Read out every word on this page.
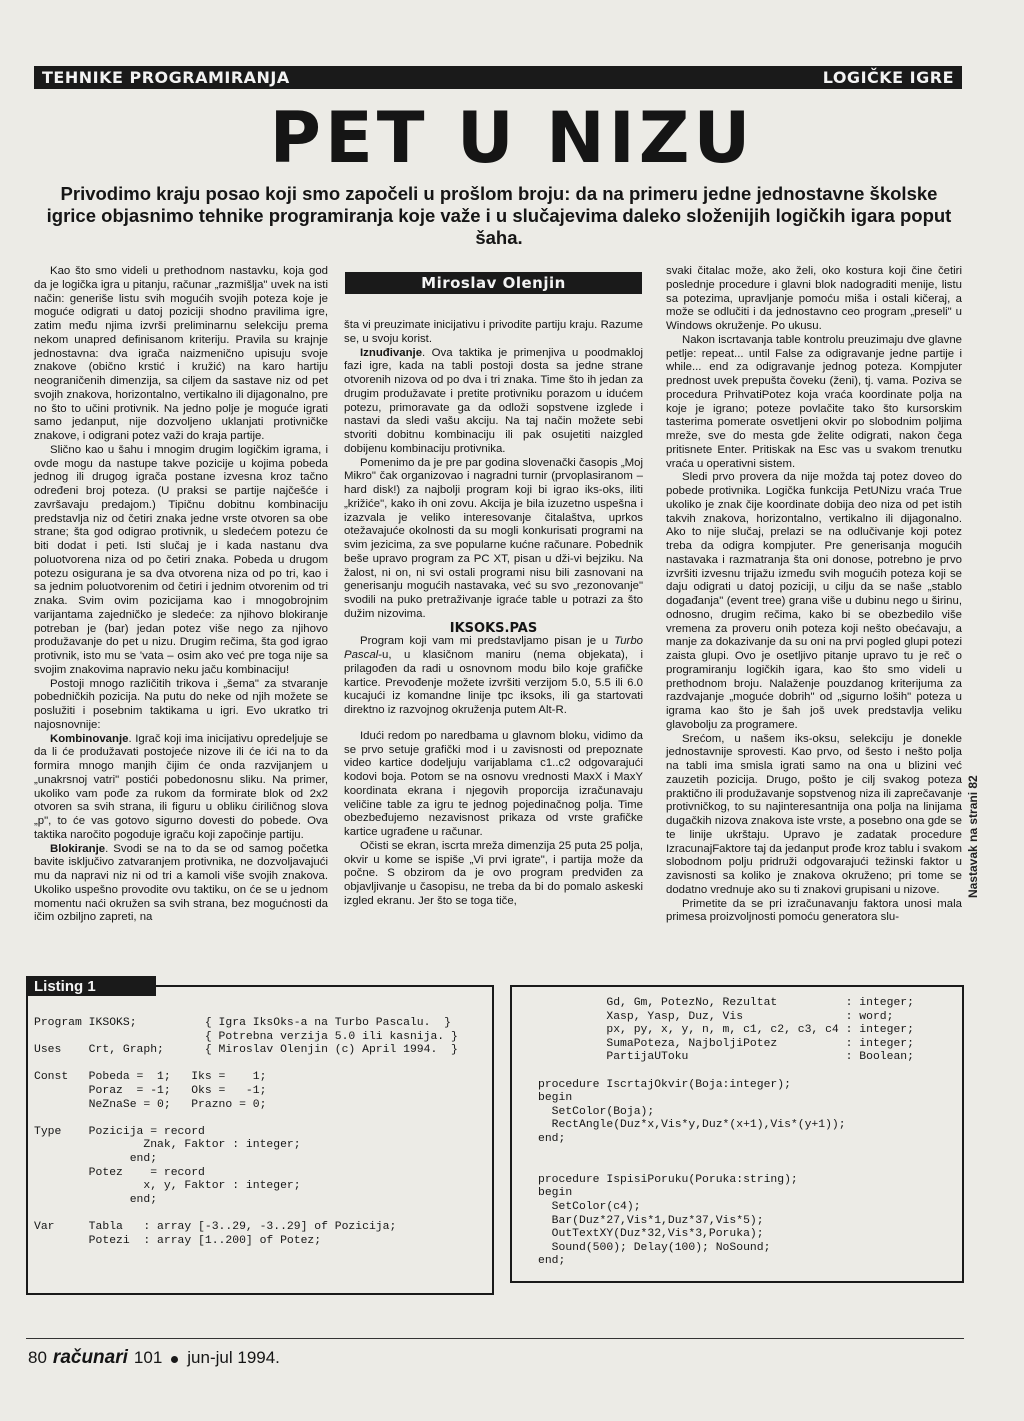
TEHNIKE PROGRAMIRANJA	LOGIČKE IGRE
PET U NIZU
Privodimo kraju posao koji smo započeli u prošlom broju: da na primeru jedne jednostavne školske igrice objasnimo tehnike programiranja koje važe i u slučajevima daleko složenijih logičkih igara poput šaha.

Kao što smo videli u prethodnom nastavku, koja god da je logička igra u pitanju, računar „razmišlja" uvek na isti način: generiše listu svih mogućih svojih poteza koje je moguće odigrati u datoj poziciji shodno pravilima igre, zatim među njima izvrši preliminarnu selekciju prema nekom unapred definisanom kriteriju. Pravila su krajnje jednostavna: dva igrača naizmenično upisuju svoje znakove (obično krstić i kružić) na karo hartiju neograničenih dimenzija, sa ciljem da sastave niz od pet svojih znakova, horizontalno, vertikalno ili dijagonalno, pre no što to učini protivnik. Na jedno polje je moguće igrati samo jedanput, nije dozvoljeno uklanjati protivničke znakove, i odigrani potez važi do kraja partije.

Slično kao u šahu i mnogim drugim logičkim igrama, i ovde mogu da nastupe takve pozicije u kojima pobeda jednog ili drugog igrača postane izvesna kroz tačno određeni broj poteza. (U praksi se partije najčešće i završavaju predajom.) Tipičnu dobitnu kombinaciju predstavlja niz od četiri znaka jedne vrste otvoren sa obe strane; šta god odigrao protivnik, u sledećem potezu će biti dodat i peti. Isti slučaj je i kada nastanu dva poluotvorena niza od po četiri znaka. Pobeda u drugom potezu osigurana je sa dva otvorena niza od po tri, kao i sa jednim poluotvorenim od četiri i jednim otvorenim od tri znaka. Svim ovim pozicijama kao i mnogobrojnim varijantama zajedničko je sledeće: za njihovo blokiranje potreban je (bar) jedan potez više nego za njihovo produžavanje do pet u nizu. Drugim rečima, šta god igrao protivnik, isto mu se 'vata – osim ako već pre toga nije sa svojim znakovima napravio neku jaču kombinaciju!

Postoji mnogo različitih trikova i „šema" za stvaranje pobedničkih pozicija. Na putu do neke od njih možete se poslužiti i posebnim taktikama u igri. Evo ukratko tri najosnovnije:

Kombinovanje. Igrač koji ima inicijativu opredeljuje se da li će produžavati postojeće nizove ili će ići na to da formira mnogo manjih čijim će onda razvijanjem u „unakrsnoj vatri" postići pobedonosnu sliku. Na primer, ukoliko vam pođe za rukom da formirate blok od 2x2 otvoren sa svih strana, ili figuru u obliku ćiriličnog slova „p", to će vas gotovo sigurno dovesti do pobede. Ova taktika naročito pogoduje igraču koji započinje partiju.

Blokiranje. Svodi se na to da se od samog početka bavite isključivo zatvaranjem protivnika, ne dozvoljavajući mu da napravi niz ni od tri a kamoli više svojih znakova. Ukoliko uspešno provodite ovu taktiku, on će se u jednom momentu naći okružen sa svih strana, bez mogućnosti da ičim ozbiljno zapreti, na

Miroslav Olenjin

šta vi preuzimate inicijativu i privodite partiju kraju. Razume se, u svoju korist.

Iznuđivanje. Ova taktika je primenjiva u poodmaklој fazi igre, kada na tabli postoji dosta sa jedne strane otvorenih nizova od po dva i tri znaka. Time što ih jedan za drugim produžavate i pretite protivniku porazom u idućem potezu, primoravate ga da odloži sopstvene izglede i nastavi da sledi vašu akciju. Na taj način možete sebi stvoriti dobitnu kombinaciju ili pak osujetiti naizgled dobijenu kombinaciju protivnika.

Pomenimo da je pre par godina slovenački časopis „Moj Mikro" čak organizovao i nagradni turnir (prvoplasiranom – hard disk!) za najbolji program koji bi igrao iks-oks, iliti „križiće", kako ih oni zovu. Akcija je bila izuzetno uspešna i izazvala je veliko interesovanje čitalaštva, uprkos otežavajuće okolnosti da su mogli konkurisati programi na svim jezicima, za sve popularne kućne računare. Pobednik beše upravo program za PC XT, pisan u dži-vi bejziku. Na žalost, ni on, ni svi ostali programi nisu bili zasnovani na generisanju mogućih nastavaka, već su svo „rezonovanje" svodili na puko pretraživanje igraće table u potrazi za što dužim nizovima.

IKSOKS.PAS

Program koji vam mi predstavljamo pisan je u Turbo Pascal-u, u klasičnom maniru (nema objekata), i prilagođen da radi u osnovnom modu bilo koje grafičke kartice. Prevođenje možete izvršiti verzijom 5.0, 5.5 ili 6.0 kucajući iz komandne linije tpc iksoks, ili ga startovati direktno iz razvojnog okruženja putem Alt-R.

Idući redom po naredbama u glavnom bloku, vidimo da se prvo setuje grafički mod i u zavisnosti od prepoznate video kartice dodeljuju varijablama c1..c2 odgovarajući kodovi boja. Potom se na osnovu vrednosti MaxX i MaxY koordinata ekrana i njegovih proporcija izračunavaju veličine table za igru te jednog pojedinačnog polja. Time obezbeđujemo nezavisnost prikaza od vrste grafičke kartice ugrađene u računar.

Očisti se ekran, iscrta mreža dimenzija 25 puta 25 polja, okvir u kome se ispiše „Vi prvi igrate", i partija može da počne. S obzirom da je ovo program predviđen za objavljivanje u časopisu, ne treba da bi do pomalo askeski izgled ekranu. Jer što se toga tiče,

svaki čitalac može, ako želi, oko kostura koji čine četiri poslednje procedure i glavni blok nadograditi menije, listu sa potezima, upravljanje pomoću miša i ostali kičeraj, a može se odlučiti i da jednostavno ceo program „preseli" u Windows okruženje. Po ukusu.

Nakon iscrtavanja table kontrolu preuzimaju dve glavne petlje: repeat... until False za odigravanje jedne partije i while... end za odigravanje jednog poteza. Kompjuter prednost uvek prepušta čoveku (ženi), tj. vama. Poziva se procedura PrihvatiPotez koja vraća koordinate polja na koje je igrano; poteze povlačite tako što kursorskim tasterima pomerate osvetljeni okvir po slobodnim poljima mreže, sve do mesta gde želite odigrati, nakon čega pritisnete Enter. Pritiskak na Esc vas u svakom trenutku vraća u operativni sistem.

Sledi prvo provera da nije možda taj potez doveo do pobede protivnika. Logička funkcija PetUNizu vraća True ukoliko je znak čije koordinate dobija deo niza od pet istih takvih znakova, horizontalno, vertikalno ili dijagonalno. Ako to nije slučaj, prelazi se na odlučivanje koji potez treba da odigra kompjuter. Pre generisanja mogućih nastavaka i razmatranja šta oni donose, potrebno je prvo izvršiti izvesnu trijažu između svih mogućih poteza koji se daju odigrati u datoj poziciji, u cilju da se naše „stablo događanja" (event tree) grana više u dubinu nego u širinu, odnosno, drugim rečima, kako bi se obezbedilo više vremena za proveru onih poteza koji nešto obećavaju, a manje za dokazivanje da su oni na prvi pogled glupi potezi zaista glupi. Ovo je osetljivo pitanje upravo tu je reč o programiranju logičkih igara, kao što smo videli u prethodnom broju. Nalaženje pouzdanog kriterijuma za razdvajanje „moguće dobrih" od „sigurno loših" poteza u igrama kao što je šah još uvek predstavlja veliku glavobolju za programere.

Srećom, u našem iks-oksu, selekciju je donekle jednostavnije sprovesti. Kao prvo, od šesto i nešto polja na tabli ima smisla igrati samo na ona u blizini već zauzetih pozicija. Drugo, pošto je cilj svakog poteza praktično ili produžavanje sopstvenog niza ili zaprečavanje protivničkog, to su najinteresantnija ona polja na linijama dugačkih nizova znakova iste vrste, a posebno ona gde se te linije ukrštaju. Upravo je zadatak procedure IzracunajFaktore taj da jedanput prođe kroz tablu i svakom slobodnom polju pridruži odgovarajući težinski faktor u zavisnosti sa koliko je znakova okruženo; pri tome se dodatno vrednuje ako su ti znakovi grupisani u nizove.

Primetite da se pri izračunavanju faktora unosi mala primesa proizvoljnosti pomoću generatora slu-

Nastavak na strani 82
Program IKSOKS;          { Igra IksOks-a na Turbo Pascalu.  }
{ Potrebna verzija 5.0 ili kasnija. }
Uses    Crt, Graph;      { Miroslav Olenjin (c) April 1994.  }

Const   Pobeda =  1;   Iks =    1;
Poraz  = -1;   Oks =   -1;
NeZnaSe = 0;   Prazno = 0;

Type    Pozicija = record
Znak, Faktor : integer;
end;
Potez    = record
x, y, Faktor : integer;
end;

Var     Tabla   : array [-3..29, -3..29] of Pozicija;
Potezi  : array [1..200] of Potez;
Listing 1
Gd, Gm, PotezNo, Rezultat          : integer;
Xasp, Yasp, Duz, Vis               : word;
px, py, x, y, n, m, c1, c2, c3, c4 : integer;
SumaPoteza, NajboljiPotez          : integer;
PartijaUToku                       : Boolean;

procedure IscrtajOkvir(Boja:integer);
begin
SetColor(Boja);
RectAngle(Duz*x,Vis*y,Duz*(x+1),Vis*(y+1));
end;

procedure IspisiPoruku(Poruka:string);
begin
SetColor(c4);
Bar(Duz*27,Vis*1,Duz*37,Vis*5);
OutTextXY(Duz*32,Vis*3,Poruka);
Sound(500); Delay(100); NoSound;
end;
80 računari 101 jun-jul 1994.
